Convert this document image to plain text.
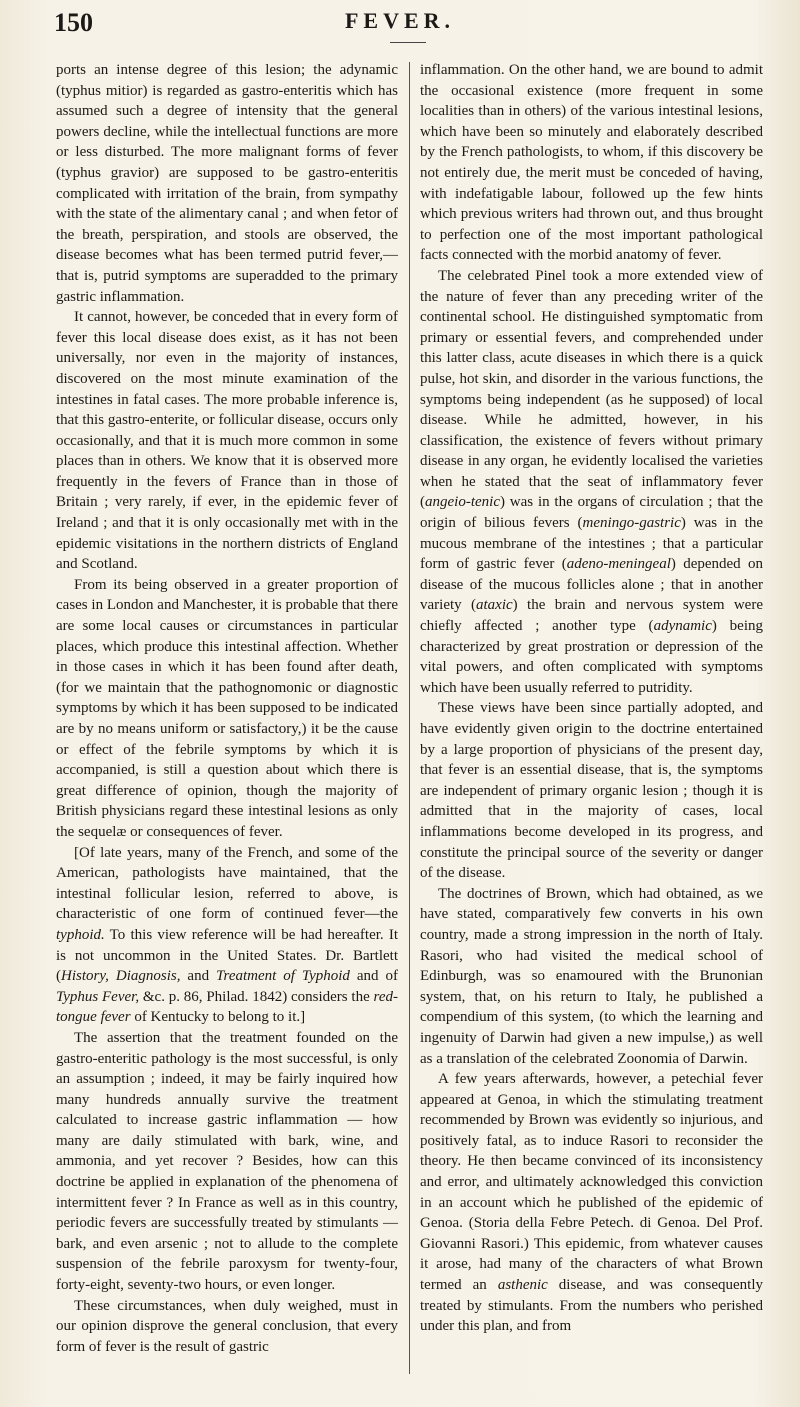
150	FEVER.

ports an intense degree of this lesion; the adynamic (typhus mitior) is regarded as gastro-enteritis which has assumed such a degree of intensity that the general powers decline, while the intellectual functions are more or less disturbed. The more malignant forms of fever (typhus gravior) are supposed to be gastro-enteritis complicated with irritation of the brain, from sympathy with the state of the alimentary canal ; and when fetor of the breath, perspiration, and stools are observed, the disease becomes what has been termed putrid fever,—that is, putrid symptoms are superadded to the primary gastric inflammation.

It cannot, however, be conceded that in every form of fever this local disease does exist, as it has not been universally, nor even in the majority of instances, discovered on the most minute examination of the intestines in fatal cases. The more probable inference is, that this gastro-enterite, or follicular disease, occurs only occasionally, and that it is much more common in some places than in others. We know that it is observed more frequently in the fevers of France than in those of Britain ; very rarely, if ever, in the epidemic fever of Ireland ; and that it is only occasionally met with in the epidemic visitations in the northern districts of England and Scotland.

From its being observed in a greater proportion of cases in London and Manchester, it is probable that there are some local causes or circumstances in particular places, which produce this intestinal affection. Whether in those cases in which it has been found after death, (for we maintain that the pathognomonic or diagnostic symptoms by which it has been supposed to be indicated are by no means uniform or satisfactory,) it be the cause or effect of the febrile symptoms by which it is accompanied, is still a question about which there is great difference of opinion, though the majority of British physicians regard these intestinal lesions as only the sequelæ or consequences of fever.

[Of late years, many of the French, and some of the American, pathologists have maintained, that the intestinal follicular lesion, referred to above, is characteristic of one form of continued fever—the typhoid. To this view reference will be had hereafter. It is not uncommon in the United States. Dr. Bartlett (History, Diagnosis, and Treatment of Typhoid and of Typhus Fever, &c. p. 86, Philad. 1842) considers the red-tongue fever of Kentucky to belong to it.]

The assertion that the treatment founded on the gastro-enteritic pathology is the most successful, is only an assumption ; indeed, it may be fairly inquired how many hundreds annually survive the treatment calculated to increase gastric inflammation — how many are daily stimulated with bark, wine, and ammonia, and yet recover ? Besides, how can this doctrine be applied in explanation of the phenomena of intermittent fever ? In France as well as in this country, periodic fevers are successfully treated by stimulants — bark, and even arsenic ; not to allude to the complete suspension of the febrile paroxysm for twenty-four, forty-eight, seventy-two hours, or even longer.

These circumstances, when duly weighed, must in our opinion disprove the general conclusion, that every form of fever is the result of gastric

inflammation. On the other hand, we are bound to admit the occasional existence (more frequent in some localities than in others) of the various intestinal lesions, which have been so minutely and elaborately described by the French pathologists, to whom, if this discovery be not entirely due, the merit must be conceded of having, with indefatigable labour, followed up the few hints which previous writers had thrown out, and thus brought to perfection one of the most important pathological facts connected with the morbid anatomy of fever.

The celebrated Pinel took a more extended view of the nature of fever than any preceding writer of the continental school. He distinguished symptomatic from primary or essential fevers, and comprehended under this latter class, acute diseases in which there is a quick pulse, hot skin, and disorder in the various functions, the symptoms being independent (as he supposed) of local disease. While he admitted, however, in his classification, the existence of fevers without primary disease in any organ, he evidently localised the varieties when he stated that the seat of inflammatory fever (angeio-tenic) was in the organs of circulation ; that the origin of bilious fevers (meningo-gastric) was in the mucous membrane of the intestines ; that a particular form of gastric fever (adeno-meningeal) depended on disease of the mucous follicles alone ; that in another variety (ataxic) the brain and nervous system were chiefly affected ; another type (adynamic) being characterized by great prostration or depression of the vital powers, and often complicated with symptoms which have been usually referred to putridity.

These views have been since partially adopted, and have evidently given origin to the doctrine entertained by a large proportion of physicians of the present day, that fever is an essential disease, that is, the symptoms are independent of primary organic lesion ; though it is admitted that in the majority of cases, local inflammations become developed in its progress, and constitute the principal source of the severity or danger of the disease.

The doctrines of Brown, which had obtained, as we have stated, comparatively few converts in his own country, made a strong impression in the north of Italy. Rasori, who had visited the medical school of Edinburgh, was so enamoured with the Brunonian system, that, on his return to Italy, he published a compendium of this system, (to which the learning and ingenuity of Darwin had given a new impulse,) as well as a translation of the celebrated Zoonomia of Darwin.

A few years afterwards, however, a petechial fever appeared at Genoa, in which the stimulating treatment recommended by Brown was evidently so injurious, and positively fatal, as to induce Rasori to reconsider the theory. He then became convinced of its inconsistency and error, and ultimately acknowledged this conviction in an account which he published of the epidemic of Genoa. (Storia della Febre Petech. di Genoa. Del Prof. Giovanni Rasori.) This epidemic, from whatever causes it arose, had many of the characters of what Brown termed an asthenic disease, and was consequently treated by stimulants. From the numbers who perished under this plan, and from
